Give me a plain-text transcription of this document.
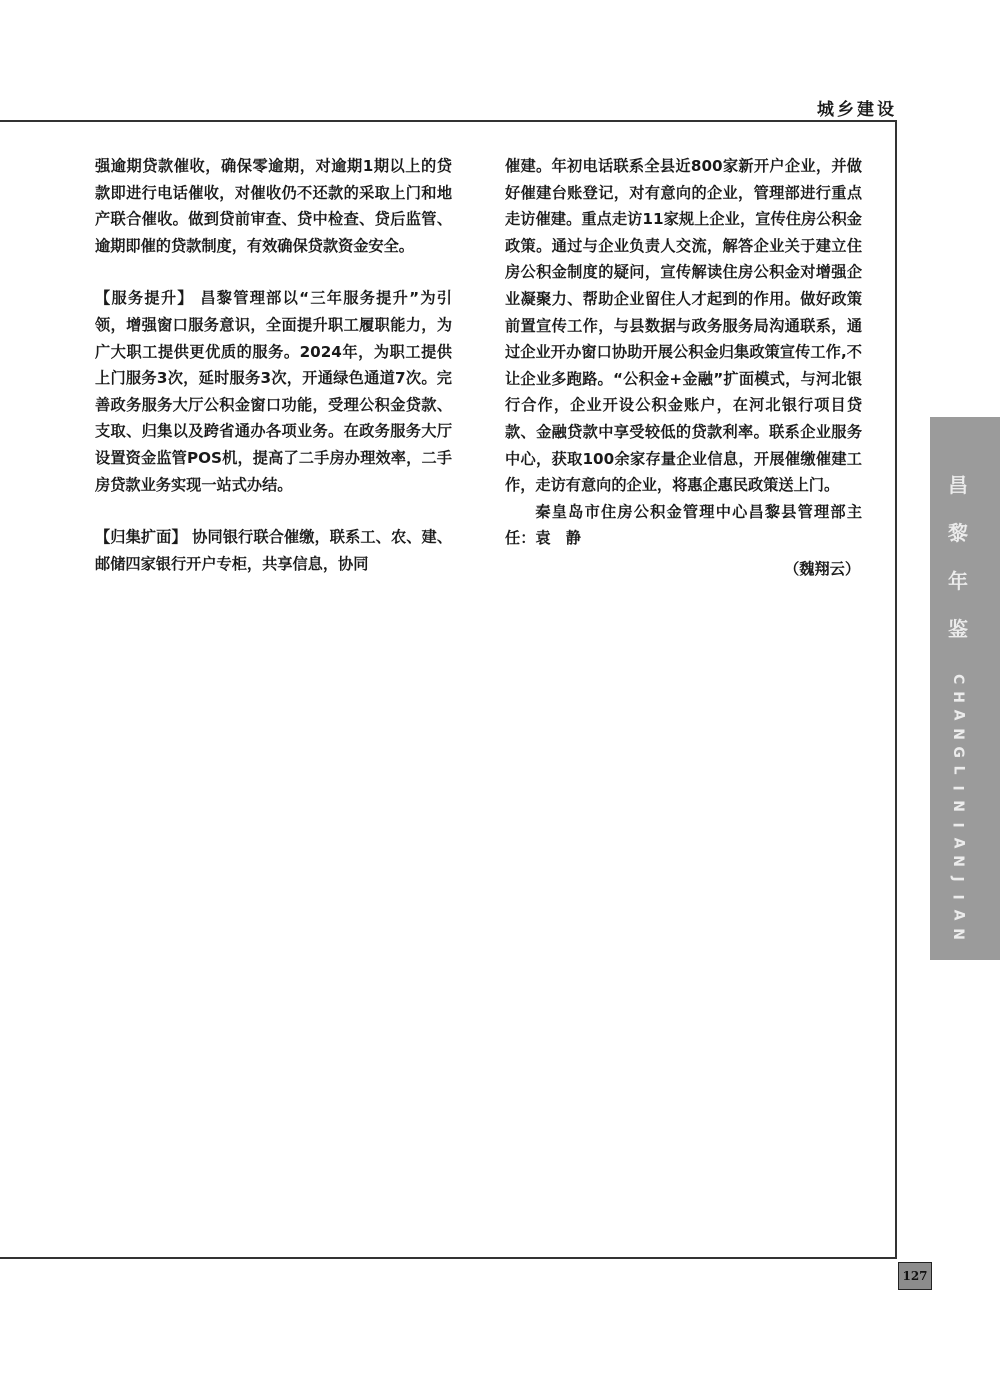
城乡建设

强逾期贷款催收，确保零逾期，对逾期1期以上的贷款即进行电话催收，对催收仍不还款的采取上门和地产联合催收。做到贷前审查、贷中检查、贷后监管、逾期即催的贷款制度，有效确保贷款资金安全。

【服务提升】 昌黎管理部以“三年服务提升”为引领，增强窗口服务意识，全面提升职工履职能力，为广大职工提供更优质的服务。2024年，为职工提供上门服务3次，延时服务3次，开通绿色通道7次。完善政务服务大厅公积金窗口功能，受理公积金贷款、支取、归集以及跨省通办各项业务。在政务服务大厅设置资金监管POS机，提高了二手房办理效率，二手房贷款业务实现一站式办结。

【归集扩面】 协同银行联合催缴，联系工、农、建、邮储四家银行开户专柜，共享信息，协同

催建。年初电话联系全县近800家新开户企业，并做好催建台账登记，对有意向的企业，管理部进行重点走访催建。重点走访11家规上企业，宣传住房公积金政策。通过与企业负责人交流，解答企业关于建立住房公积金制度的疑问，宣传解读住房公积金对增强企业凝聚力、帮助企业留住人才起到的作用。做好政策前置宣传工作，与县数据与政务服务局沟通联系，通过企业开办窗口协助开展公积金归集政策宣传工作,不让企业多跑路。“公积金+金融”扩面模式，与河北银行合作，企业开设公积金账户，在河北银行项目贷款、金融贷款中享受较低的贷款利率。联系企业服务中心，获取100余家存量企业信息，开展催缴催建工作，走访有意向的企业，将惠企惠民政策送上门。

秦皇岛市住房公积金管理中心昌黎县管理部主任：袁　静

（魏翔云）

昌
黎
年
鉴
C
H
A
N
G
L
I
N
I
A
N
J
I
A
N
127
